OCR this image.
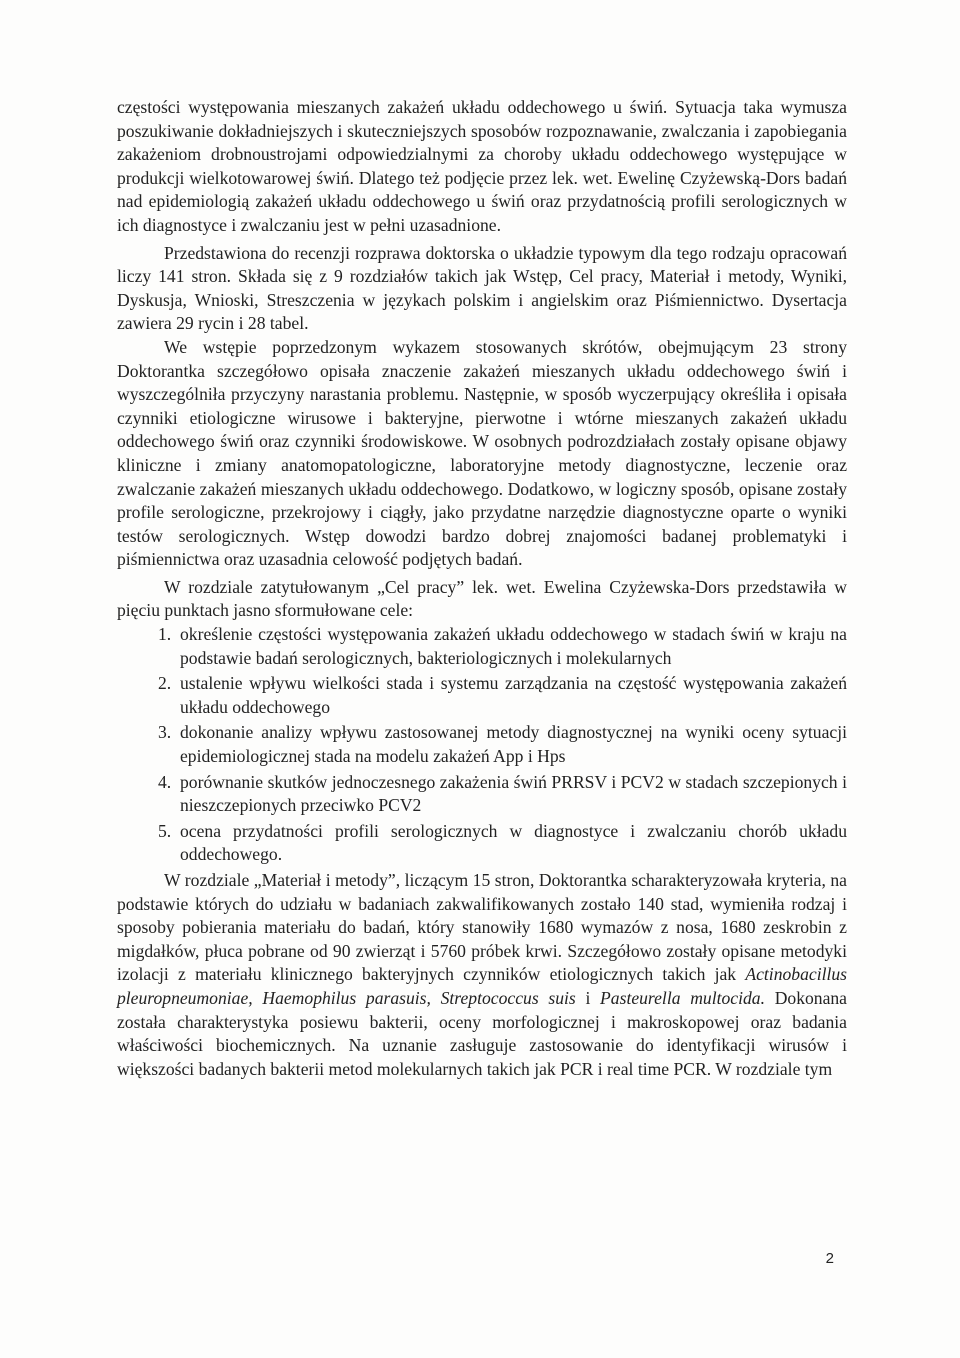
częstości występowania mieszanych zakażeń układu oddechowego u świń. Sytuacja taka wymusza poszukiwanie dokładniejszych i skuteczniejszych sposobów rozpoznawanie, zwalczania i zapobiegania zakażeniom drobnoustrojami odpowiedzialnymi za choroby układu oddechowego występujące w produkcji wielkotowarowej świń. Dlatego też podjęcie przez lek. wet. Ewelinę Czyżewską-Dors badań nad epidemiologią zakażeń układu oddechowego u świń oraz przydatnością profili serologicznych w ich diagnostyce i zwalczaniu jest w pełni uzasadnione.

Przedstawiona do recenzji rozprawa doktorska o układzie typowym dla tego rodzaju opracowań liczy 141 stron. Składa się z 9 rozdziałów takich jak Wstęp, Cel pracy, Materiał i metody, Wyniki, Dyskusja, Wnioski, Streszczenia w językach polskim i angielskim oraz Piśmiennictwo. Dysertacja zawiera 29 rycin i 28 tabel.

We wstępie poprzedzonym wykazem stosowanych skrótów, obejmującym 23 strony Doktorantka szczegółowo opisała znaczenie zakażeń mieszanych układu oddechowego świń i wyszczególniła przyczyny narastania problemu. Następnie, w sposób wyczerpujący określiła i opisała czynniki etiologiczne wirusowe i bakteryjne, pierwotne i wtórne mieszanych zakażeń układu oddechowego świń oraz czynniki środowiskowe. W osobnych podrozdziałach zostały opisane objawy kliniczne i zmiany anatomopatologiczne, laboratoryjne metody diagnostyczne, leczenie oraz zwalczanie zakażeń mieszanych układu oddechowego. Dodatkowo, w logiczny sposób, opisane zostały profile serologiczne, przekrojowy i ciągły, jako przydatne narzędzie diagnostyczne oparte o wyniki testów serologicznych. Wstęp dowodzi bardzo dobrej znajomości badanej problematyki i piśmiennictwa oraz uzasadnia celowość podjętych badań.

W rozdziale zatytułowanym „Cel pracy” lek. wet. Ewelina Czyżewska-Dors przedstawiła w pięciu punktach jasno sformułowane cele:

1. określenie częstości występowania zakażeń układu oddechowego w stadach świń w kraju na podstawie badań serologicznych, bakteriologicznych i molekularnych
2. ustalenie wpływu wielkości stada i systemu zarządzania na częstość występowania zakażeń układu oddechowego
3. dokonanie analizy wpływu zastosowanej metody diagnostycznej na wyniki oceny sytuacji epidemiologicznej stada na modelu zakażeń App i Hps
4. porównanie skutków jednoczesnego zakażenia świń PRRSV i PCV2 w stadach szczepionych i nieszczepionych przeciwko PCV2
5. ocena przydatności profili serologicznych w diagnostyce i zwalczaniu chorób układu oddechowego.

W rozdziale „Materiał i metody”, liczącym 15 stron, Doktorantka scharakteryzowała kryteria, na podstawie których do udziału w badaniach zakwalifikowanych zostało 140 stad, wymieniła rodzaj i sposoby pobierania materiału do badań, który stanowiły 1680 wymazów z nosa, 1680 zeskrobin z migdałków, płuca pobrane od 90 zwierząt i 5760 próbek krwi. Szczegółowo zostały opisane metodyki izolacji z materiału klinicznego bakteryjnych czynników etiologicznych takich jak Actinobacillus pleuropneumoniae, Haemophilus parasuis, Streptococcus suis i Pasteurella multocida. Dokonana została charakterystyka posiewu bakterii, oceny morfologicznej i makroskopowej oraz badania właściwości biochemicznych. Na uznanie zasługuje zastosowanie do identyfikacji wirusów i większości badanych bakterii metod molekularnych takich jak PCR i real time PCR. W rozdziale tym

2
